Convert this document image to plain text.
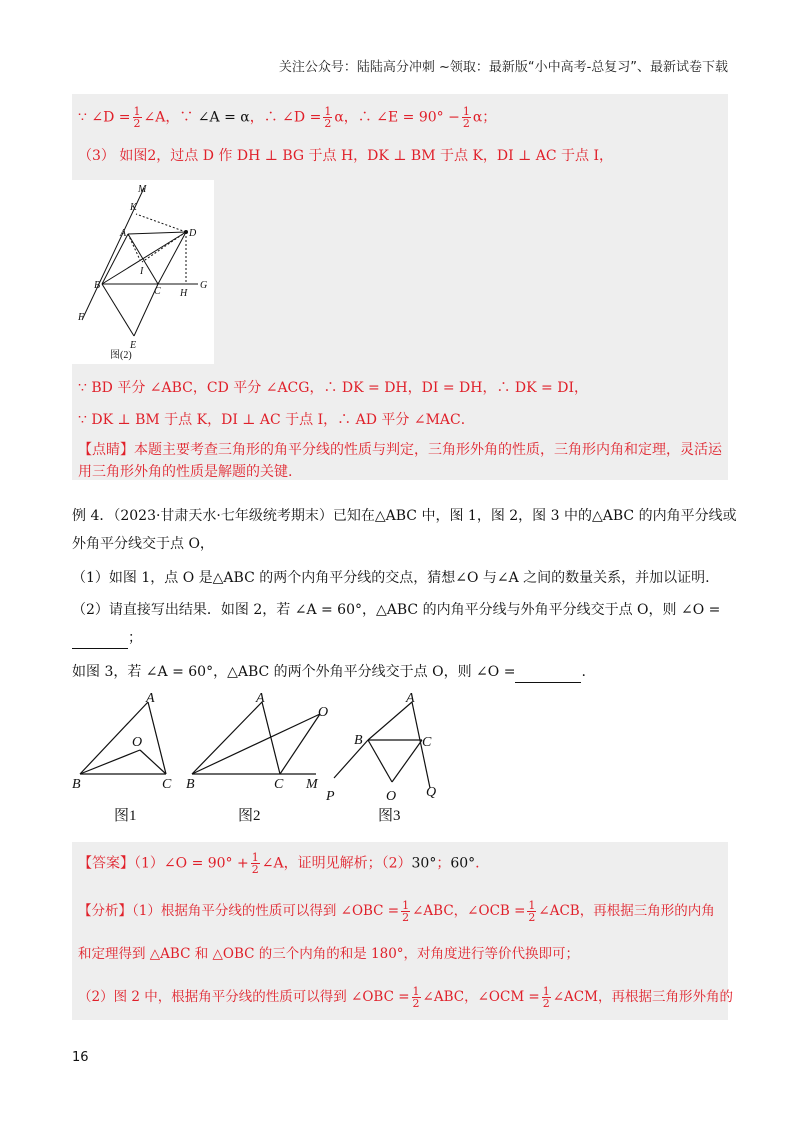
关注公众号：陆陆高分冲刺 ~领取：最新版“小中高考-总复习”、最新试卷下载
∵ ∠D = $\frac{1}{2}$ ∠A，∵ ∠A = α，∴ ∠D = $\frac{1}{2}$ α，∴ ∠E = $90^\circ - \frac{1}{2}$ α；
（3） 如图2，过点 D 作 DH ⊥ BG 于点 H，DK ⊥ BM 于点 K，DI ⊥ AC 于点 I，
M
K
A	D
I
B
C H
G
F
E
图(2)
∵ BD 平分 ∠ABC，CD 平分 ∠ACG，∴ DK = DH，DI = DH，∴ DK = DI，
∵ DK ⊥ BM 于点 K，DI ⊥ AC 于点 I，∴ AD 平分 ∠MAC．
【点睛】本题主要考查三角形的角平分线的性质与判定，三角形外角的性质，三角形内角和定理，灵活运
用三角形外角的性质是解题的关键.
例 4．（2023·甘肃天水·七年级统考期末）已知在△ABC 中，图 1，图 2，图 3 中的△ABC 的内角平分线或
外角平分线交于点 O，
（1）如图 1，点 O 是△ABC 的两个内角平分线的交点，猜想∠O 与∠A 之间的数量关系，并加以证明.
（2）请直接写出结果．如图 2，若 ∠A = 60°，△ABC 的内角平分线与外角平分线交于点 O，则 ∠O =
；
如图 3，若 ∠A = 60°，△ABC 的两个外角平分线交于点 O，则 ∠O =	.
A
O
B	C
A
O
B	C M
A
B	C
P	O Q
图1	图2	图3
【答案】（1）∠O = $90^\circ + \frac{1}{2}$ ∠A，证明见解析；（2）30°；60°.
【分析】（1）根据角平分线的性质可以得到 ∠OBC = $\frac{1}{2}$ ∠ABC，∠OCB = $\frac{1}{2}$ ∠ACB，再根据三角形的内角
和定理得到 △ABC 和 △OBC 的三个内角的和是 180°，对角度进行等价代换即可；
（2）图 2 中，根据角平分线的性质可以得到 ∠OBC = $\frac{1}{2}$ ∠ABC，∠OCM = $\frac{1}{2}$ ∠ACM，再根据三角形外角的
16
